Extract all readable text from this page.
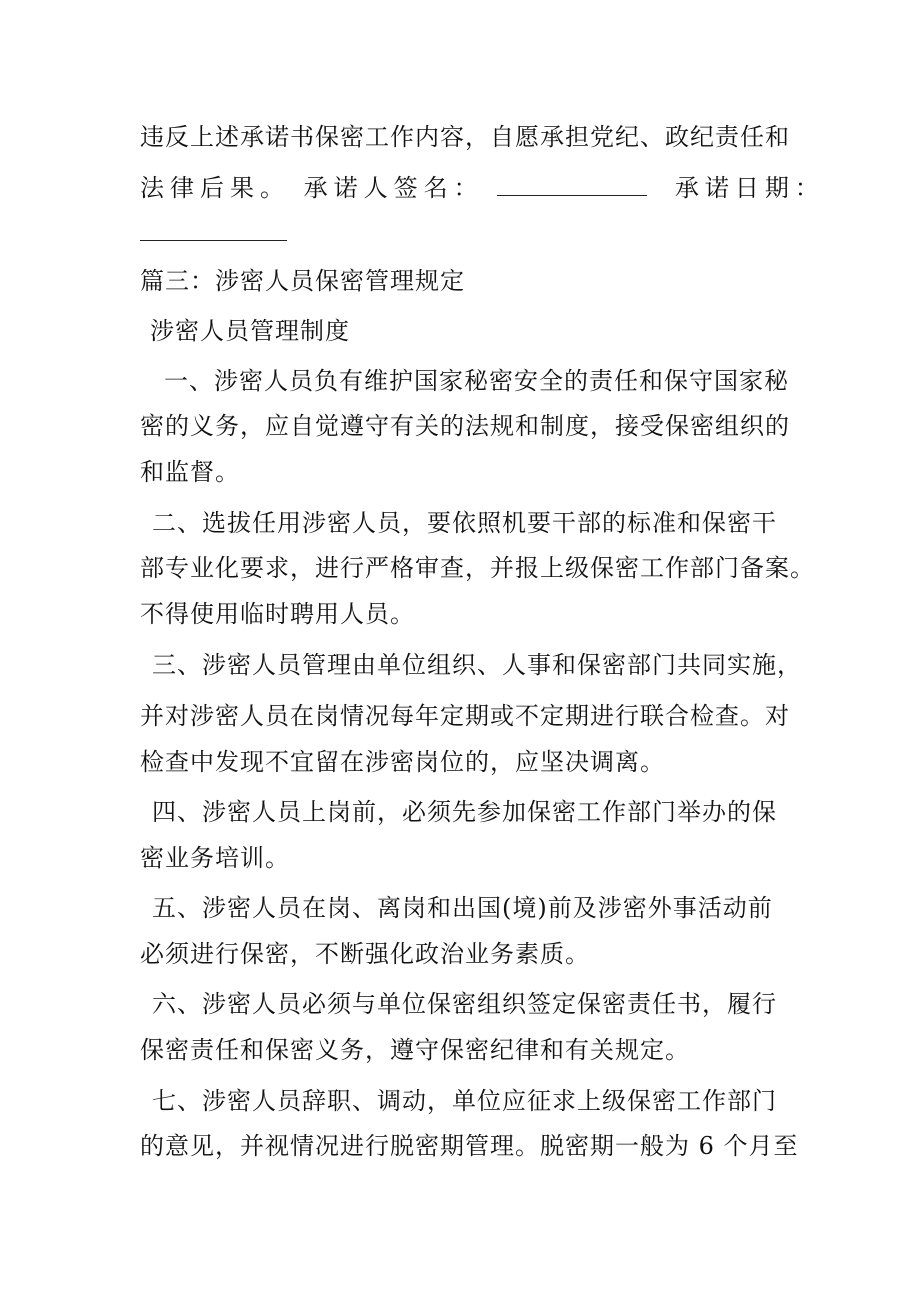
违反上述承诺书保密工作内容，自愿承担党纪、政纪责任和
法律后果。 承诺人签名：	承诺日期：
篇三：涉密人员保密管理规定
涉密人员管理制度
一、涉密人员负有维护国家秘密安全的责任和保守国家秘
密的义务，应自觉遵守有关的法规和制度，接受保密组织的
和监督。
二、选拔任用涉密人员，要依照机要干部的标准和保密干
部专业化要求，进行严格审查，并报上级保密工作部门备案。
不得使用临时聘用人员。
三、涉密人员管理由单位组织、人事和保密部门共同实施，
并对涉密人员在岗情况每年定期或不定期进行联合检查。对
检查中发现不宜留在涉密岗位的，应坚决调离。
四、涉密人员上岗前，必须先参加保密工作部门举办的保
密业务培训。
五、涉密人员在岗、离岗和出国(境)前及涉密外事活动前
必须进行保密，不断强化政治业务素质。
六、涉密人员必须与单位保密组织签定保密责任书，履行
保密责任和保密义务，遵守保密纪律和有关规定。
七、涉密人员辞职、调动，单位应征求上级保密工作部门
的意见，并视情况进行脱密期管理。脱密期一般为 6 个月至
